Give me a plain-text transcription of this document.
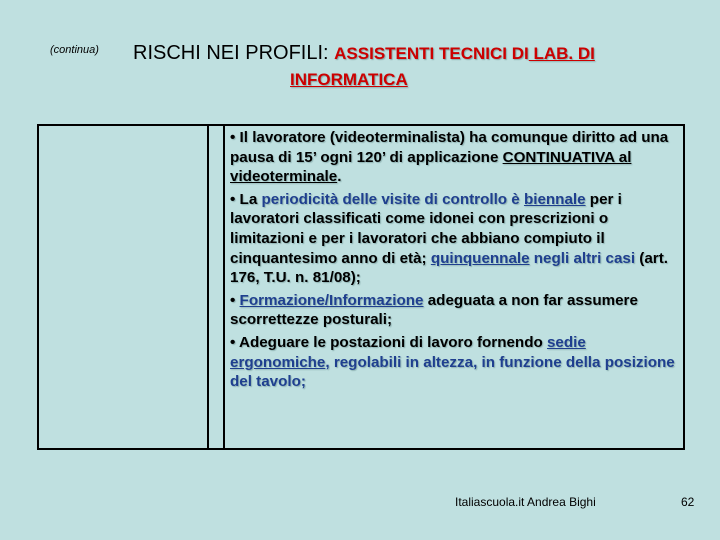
(continua) RISCHI NEI PROFILI: ASSISTENTI TECNICI DI LAB. DI
INFORMATICA

• Il lavoratore (videoterminalista) ha comunque diritto ad una pausa di 15’ ogni 120’ di applicazione CONTINUATIVA al videoterminale.

• La periodicità delle visite di controllo è biennale per i lavoratori classificati come idonei con prescrizioni o limitazioni e per i lavoratori che abbiano compiuto il cinquantesimo anno di età; quinquennale negli altri casi (art. 176, T.U. n. 81/08);

• Formazione/Informazione adeguata a non far assumere scorrettezze posturali;

• Adeguare le postazioni di lavoro fornendo sedie ergonomiche, regolabili in altezza, in funzione della posizione del tavolo;

Italiascuola.it Andrea Bighi	62
